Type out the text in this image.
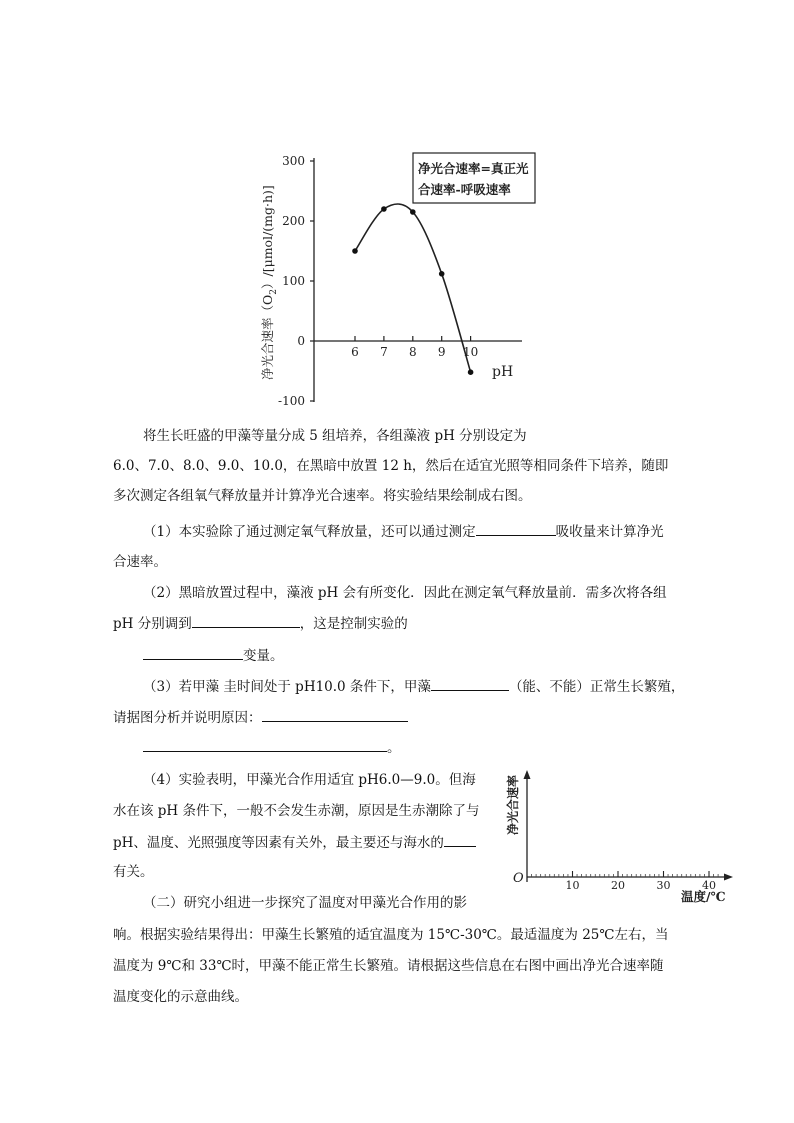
-100
0
100
200
300
6 7 8 9 10
净光合速率$(O_2)/[\mu mol/(mg\cdot h)]$
pH
净光合速率=真正光
合速率-呼吸速率
将生长旺盛的甲藻等量分成 5 组培养，各组藻液 pH 分别设定为
6.0、7.0、8.0、9.0、10.0，在黑暗中放置 12 h，然后在适宜光照等相同条件下培养，随即
多次测定各组氧气释放量并计算净光合速率。将实验结果绘制成右图。
（1）本实验除了通过测定氧气释放量，还可以通过测定	吸收量来计算净光
合速率。
（2）黑暗放置过程中，藻液 pH 会有所变化．因此在测定氧气释放量前．需多次将各组
pH 分别调到	，这是控制实验的
变量。
（3）若甲藻 圭时间处于 pH10.0 条件下，甲藻	（能、不能）正常生长繁殖，
请据图分析并说明原因：
。
（4）实验表明，甲藻光合作用适宜 pH6.0—9.0。但海
水在该 pH 条件下，一般不会发生赤潮，原因是生赤潮除了与
pH、温度、光照强度等因素有关外，最主要还与海水的
有关。
（二）研究小组进一步探究了温度对甲藻光合作用的影
响。根据实验结果得出：甲藻生长繁殖的适宜温度为 15℃-30℃。最适温度为 25℃左右，当
温度为 9℃和 33℃时，甲藻不能正常生长繁殖。请根据这些信息在右图中画出净光合速率随
温度变化的示意曲线。
10	20	30	40
O
净光合速率
温度/℃
